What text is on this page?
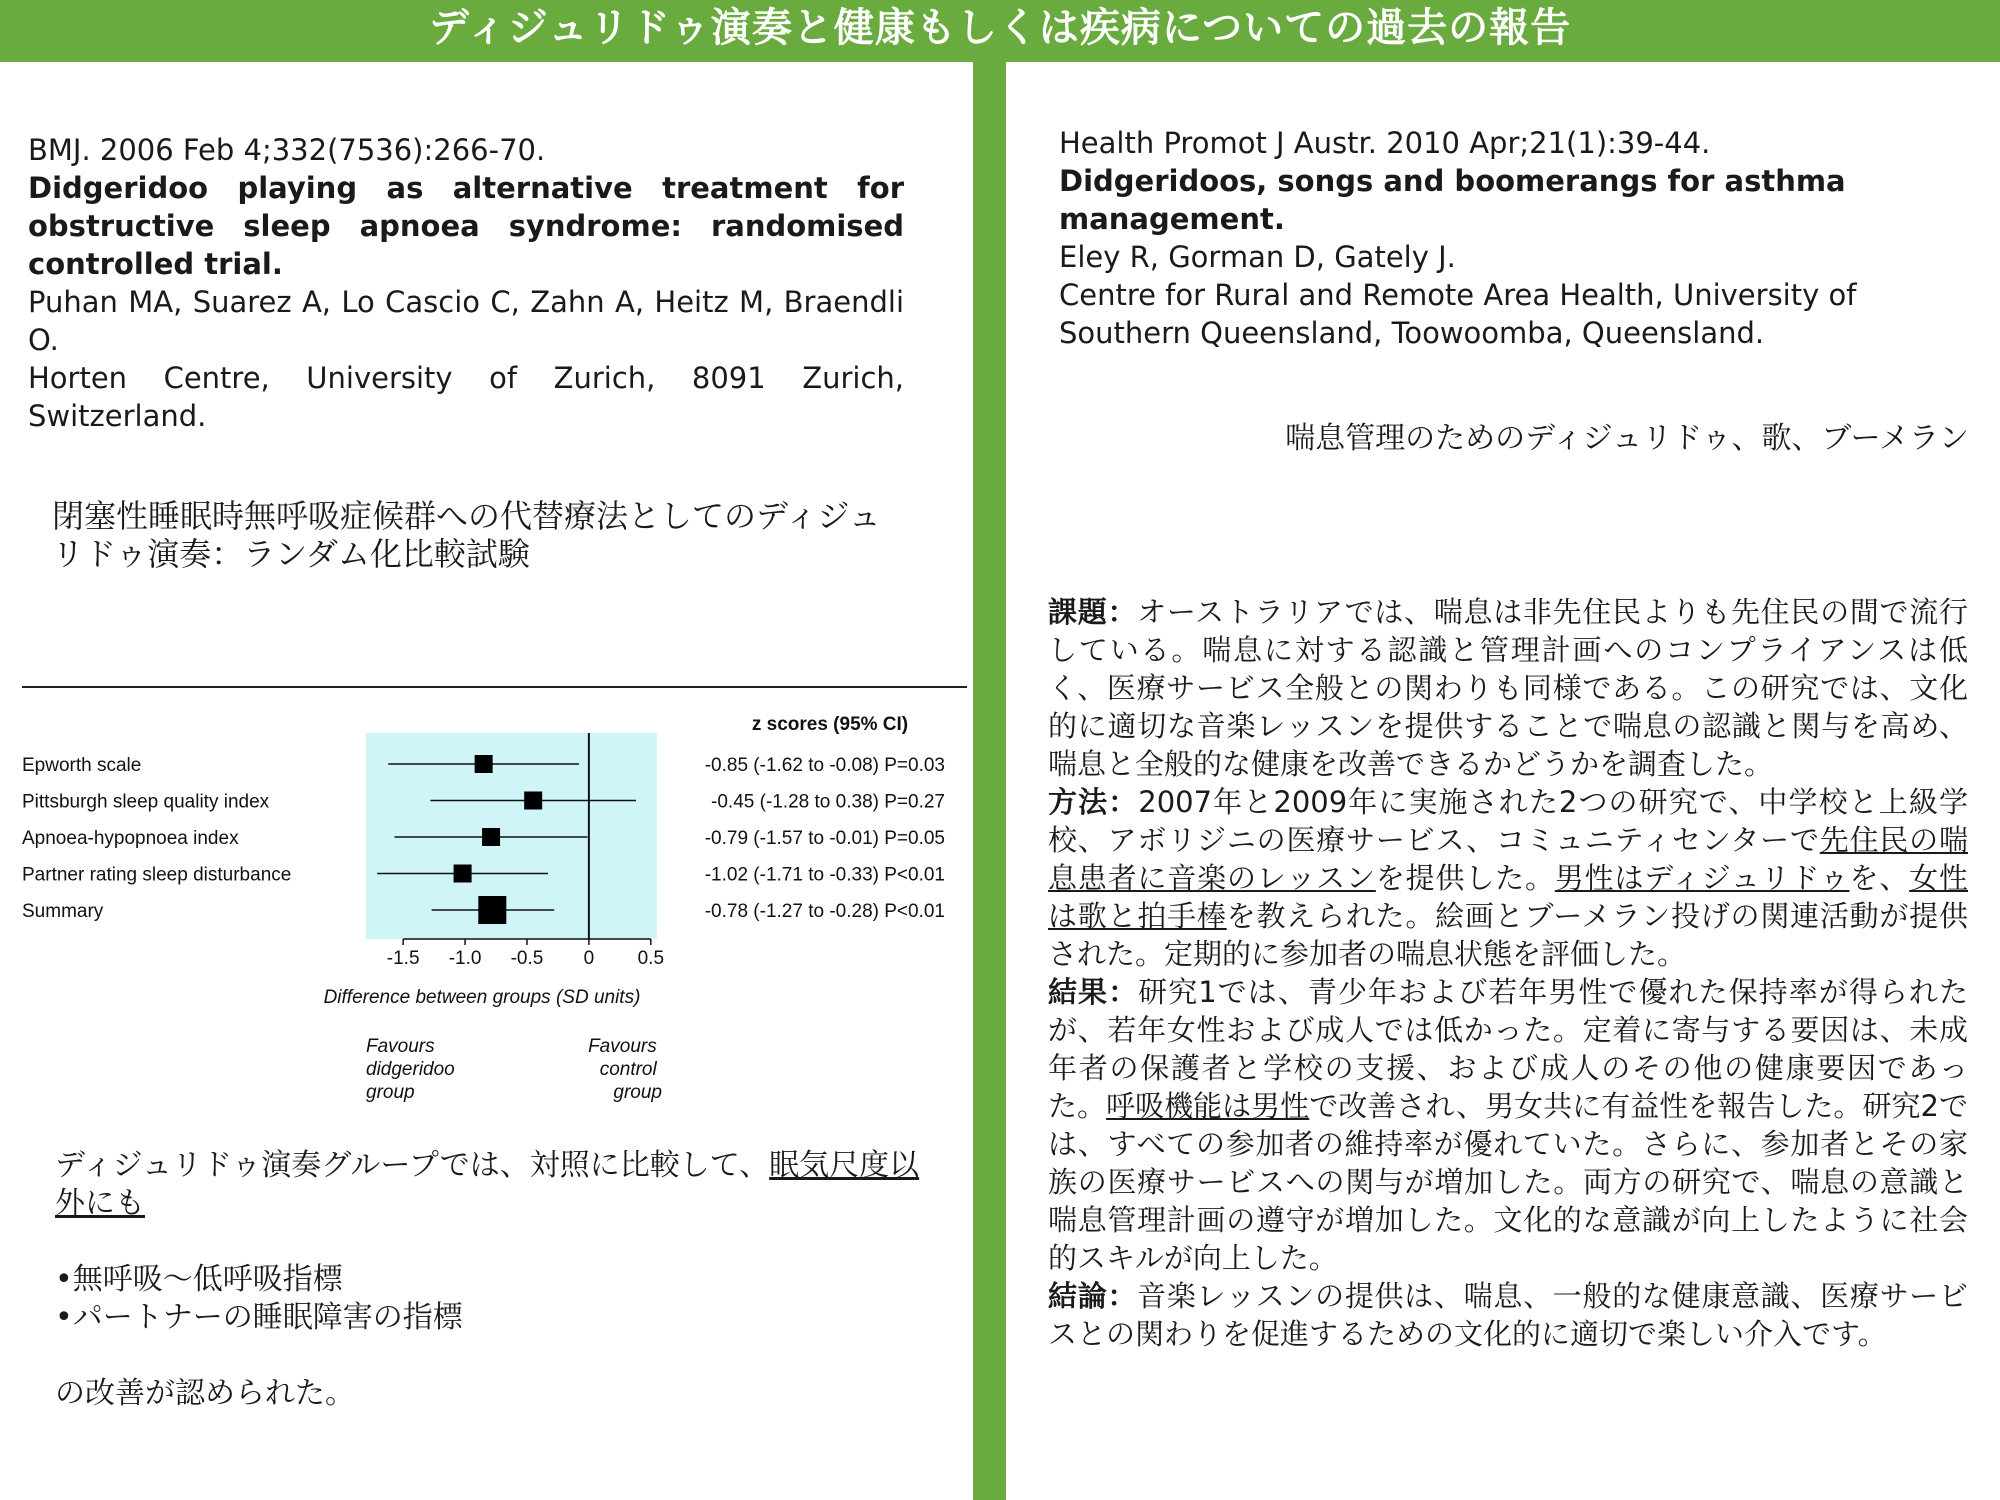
ディジュリドゥ演奏と健康もしくは疾病についての過去の報告
BMJ. 2006 Feb 4;332(7536):266-70.
Didgeridoo playing as alternative treatment for obstructive sleep apnoea syndrome: randomised controlled trial.
Puhan MA, Suarez A, Lo Cascio C, Zahn A, Heitz M, Braendli O.
Horten Centre, University of Zurich, 8091 Zurich, Switzerland.
閉塞性睡眠時無呼吸症候群への代替療法としてのディジュリドゥ演奏：ランダム化比較試験
z scores (95% CI)
Epworth scale	-0.85 (-1.62 to -0.08) P=0.03
Pittsburgh sleep quality index	-0.45 (-1.28 to 0.38) P=0.27
Apnoea-hypopnoea index	-0.79 (-1.57 to -0.01) P=0.05
Partner rating sleep disturbance	-1.02 (-1.71 to -0.33) P<0.01
Summary	-0.78 (-1.27 to -0.28) P<0.01
-1.5 -1.0 -0.5 0 0.5
Difference between groups (SD units)
Favours didgeridoo group
Favours control group
ディジュリドゥ演奏グループでは、対照に比較して、眠気尺度以外にも
•無呼吸～低呼吸指標
•パートナーの睡眠障害の指標
の改善が認められた。
Health Promot J Austr. 2010 Apr;21(1):39-44.
Didgeridoos, songs and boomerangs for asthma management.
Eley R, Gorman D, Gately J.
Centre for Rural and Remote Area Health, University of Southern Queensland, Toowoomba, Queensland.
喘息管理のためのディジュリドゥ、歌、ブーメラン
課題：オーストラリアでは、喘息は非先住民よりも先住民の間で流行している。喘息に対する認識と管理計画へのコンプライアンスは低く、医療サービス全般との関わりも同様である。この研究では、文化的に適切な音楽レッスンを提供することで喘息の認識と関与を高め、喘息と全般的な健康を改善できるかどうかを調査した。
方法：2007年と2009年に実施された2つの研究で、中学校と上級学校、アボリジニの医療サービス、コミュニティセンターで先住民の喘息患者に音楽のレッスンを提供した。男性はディジュリドゥを、女性は歌と拍手棒を教えられた。絵画とブーメラン投げの関連活動が提供された。定期的に参加者の喘息状態を評価した。
結果：研究1では、青少年および若年男性で優れた保持率が得られたが、若年女性および成人では低かった。定着に寄与する要因は、未成年者の保護者と学校の支援、および成人のその他の健康要因であった。呼吸機能は男性で改善され、男女共に有益性を報告した。研究2では、すべての参加者の維持率が優れていた。さらに、参加者とその家族の医療サービスへの関与が増加した。両方の研究で、喘息の意識と喘息管理計画の遵守が増加した。文化的な意識が向上したように社会的スキルが向上した。
結論：音楽レッスンの提供は、喘息、一般的な健康意識、医療サービスとの関わりを促進するための文化的に適切で楽しい介入です。
